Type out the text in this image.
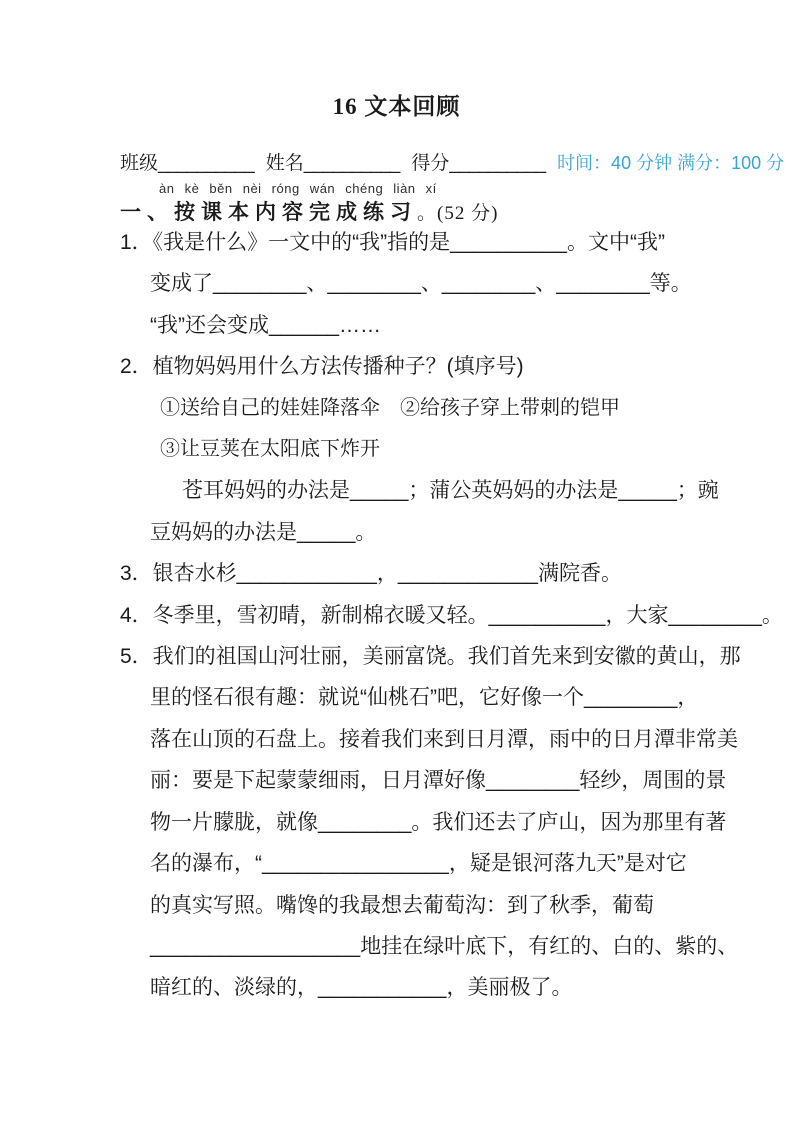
16 文本回顾
班级__________ 姓名__________ 得分__________ 时间：40 分钟 满分：100 分
àn kè běn nèi róng wán chéng liàn xí
一、按课本内容完成练习。(52 分)
1．《我是什么》一文中的“我”指的是__________。文中“我”
变成了________、________、________、________等。
“我”还会变成______……
2．植物妈妈用什么方法传播种子？(填序号)
①送给自己的娃娃降落伞　②给孩子穿上带刺的铠甲
③让豆荚在太阳底下炸开
苍耳妈妈的办法是_____；蒲公英妈妈的办法是_____；豌
豆妈妈的办法是_____。
3．银杏水杉____________，____________满院香。
4．冬季里，雪初晴，新制棉衣暖又轻。__________，大家________。
5．我们的祖国山河壮丽，美丽富饶。我们首先来到安徽的黄山，那
里的怪石很有趣：就说“仙桃石”吧，它好像一个________，
落在山顶的石盘上。接着我们来到日月潭，雨中的日月潭非常美
丽：要是下起蒙蒙细雨，日月潭好像________轻纱，周围的景
物一片朦胧，就像________。我们还去了庐山，因为那里有著
名的瀑布，“________________，疑是银河落九天”是对它
的真实写照。嘴馋的我最想去葡萄沟：到了秋季，葡萄
__________________地挂在绿叶底下，有红的、白的、紫的、
暗红的、淡绿的，___________，美丽极了。
